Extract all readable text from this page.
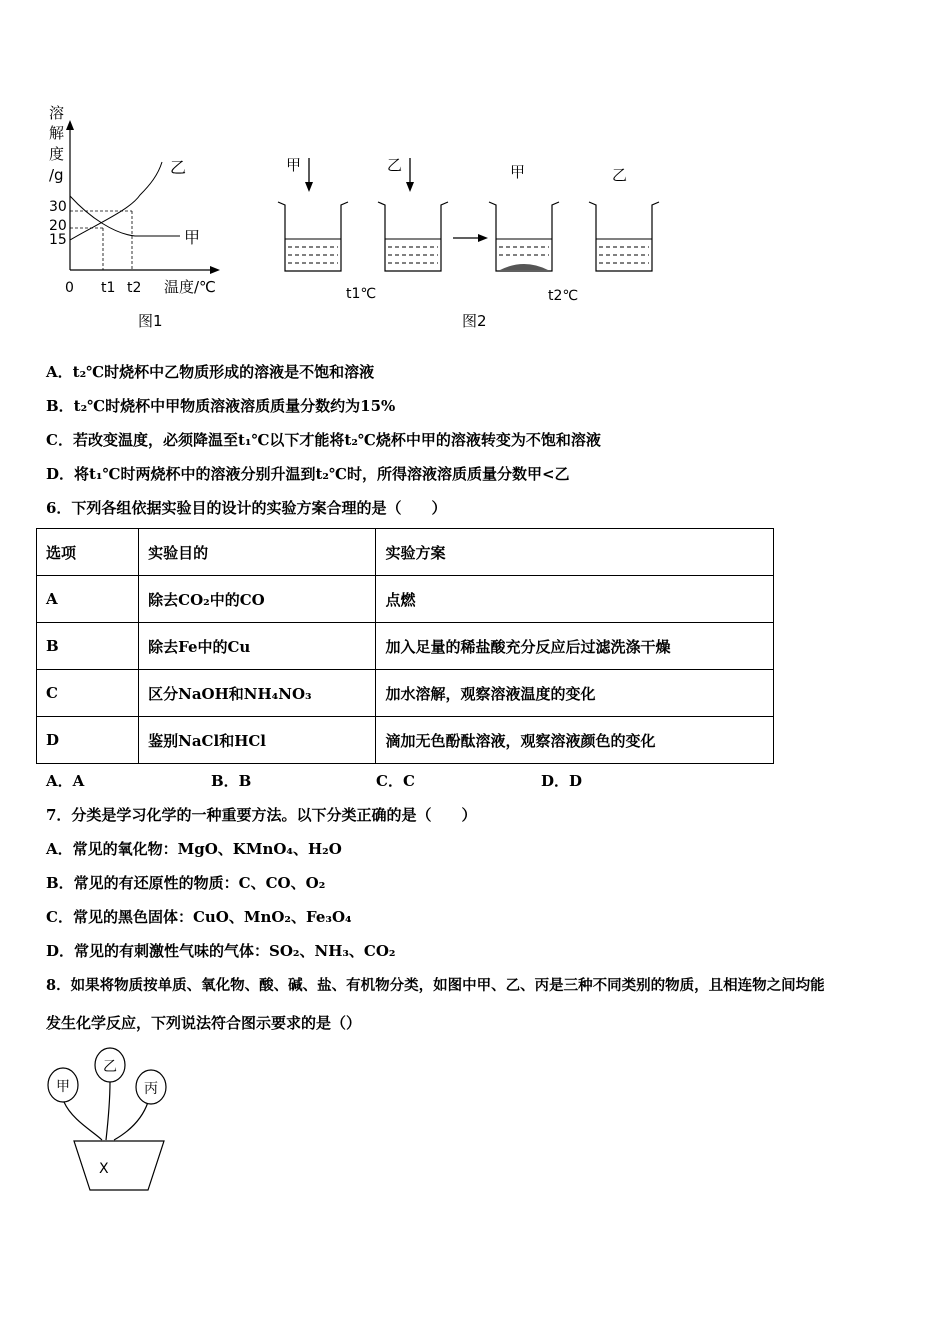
溶
解
度
/g
30
20
15
乙
甲
0 t1 t2 温度/℃
图1
甲	乙	甲	乙
t1℃	t2℃
图2
A．t₂℃时烧杯中乙物质形成的溶液是不饱和溶液
B．t₂℃时烧杯中甲物质溶液溶质质量分数约为15%
C．若改变温度，必须降温至t₁℃以下才能将t₂℃烧杯中甲的溶液转变为不饱和溶液
D．将t₁℃时两烧杯中的溶液分别升温到t₂℃时，所得溶液溶质质量分数甲<乙
6．下列各组依据实验目的设计的实验方案合理的是（　　）
选项	实验目的	实验方案
A	除去CO₂中的CO	点燃
B	除去Fe中的Cu	加入足量的稀盐酸充分反应后过滤洗涤干燥
C	区分NaOH和NH₄NO₃	加水溶解，观察溶液温度的变化
D	鉴别NaCl和HCl	滴加无色酚酞溶液，观察溶液颜色的变化
A．A	B．B	C．C	D．D
7．分类是学习化学的一种重要方法。以下分类正确的是（　　）
A．常见的氧化物：MgO、KMnO₄、H₂O
B．常见的有还原性的物质：C、CO、O₂
C．常见的黑色固体：CuO、MnO₂、Fe₃O₄
D．常见的有刺激性气味的气体：SO₂、NH₃、CO₂
8．如果将物质按单质、氧化物、酸、碱、盐、有机物分类，如图中甲、乙、丙是三种不同类别的物质，且相连物之间均能
发生化学反应，下列说法符合图示要求的是（）
甲
乙
丙
X
